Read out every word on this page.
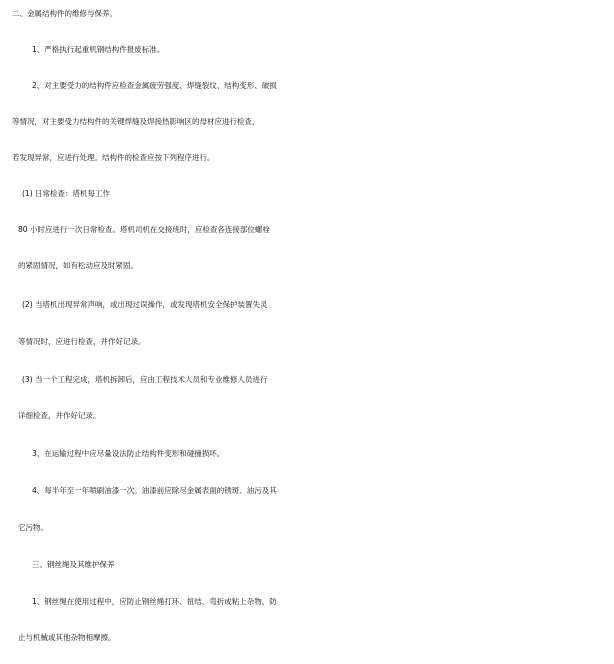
二、金属结构件的维修与保养。
1、严格执行起重机钢结构件报废标准。
2、对主要受力的结构件应检查金属疲劳强度、焊缝裂纹、结构变形、破损
等情况，对主要受力结构件的关键焊缝及焊接热影响区的母材应进行检查，
若发现异常，应进行处理。结构件的检查应按下列程序进行。
(1) 日常检查：塔机每工作
80 小时应进行一次日常检查。塔机司机在交接班时，应检查各连接部位螺栓
的紧固情况，如有松动应及时紧固。
(2) 当塔机出现异常声响，或出现过误操作，或发现塔机安全保护装置失灵
等情况时，应进行检查，并作好记录。
(3) 当一个工程完成，塔机拆卸后，应由工程技术人员和专业维修人员进行
详细检查，并作好记录。
3、在运输过程中应尽量设法防止结构件变形和碰撞损坏。
4、每半年至一年喷刷油漆一次。油漆前应除尽金属表面的锈斑、油污及其
它污物。
三、钢丝绳及其维护保养
1、钢丝绳在使用过程中，应防止钢丝绳打环、扭结、弯折或粘上杂物，防
止与机械或其他杂物相摩擦。
